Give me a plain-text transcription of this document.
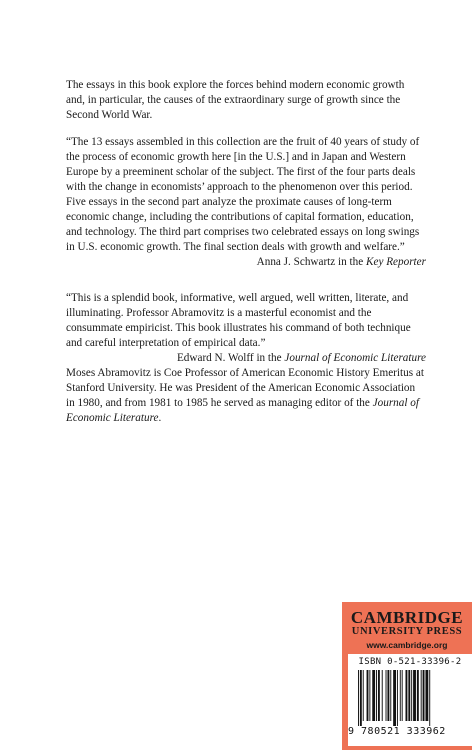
The essays in this book explore the forces behind modern economic growth and, in particular, the causes of the extraordinary surge of growth since the Second World War.

“The 13 essays assembled in this collection are the fruit of 40 years of study of the process of economic growth here [in the U.S.] and in Japan and Western Europe by a preeminent scholar of the subject. The first of the four parts deals with the change in economists’ approach to the phenomenon over this period. Five essays in the second part analyze the proximate causes of long-term economic change, including the contributions of capital formation, education, and technology. The third part comprises two celebrated essays on long swings in U.S. economic growth. The final section deals with growth and welfare.”

Anna J. Schwartz in the Key Reporter

“This is a splendid book, informative, well argued, well written, literate, and illuminating. Professor Abramovitz is a masterful economist and the consummate empiricist. This book illustrates his command of both technique and careful interpretation of empirical data.”

Edward N. Wolff in the Journal of Economic Literature

Moses Abramovitz is Coe Professor of American Economic History Emeritus at Stanford University. He was President of the American Economic Association in 1980, and from 1981 to 1985 he served as managing editor of the Journal of Economic Literature.

CAMBRIDGE
UNIVERSITY PRESS
www.cambridge.org
ISBN 0-521-33396-2
9 780521 333962
